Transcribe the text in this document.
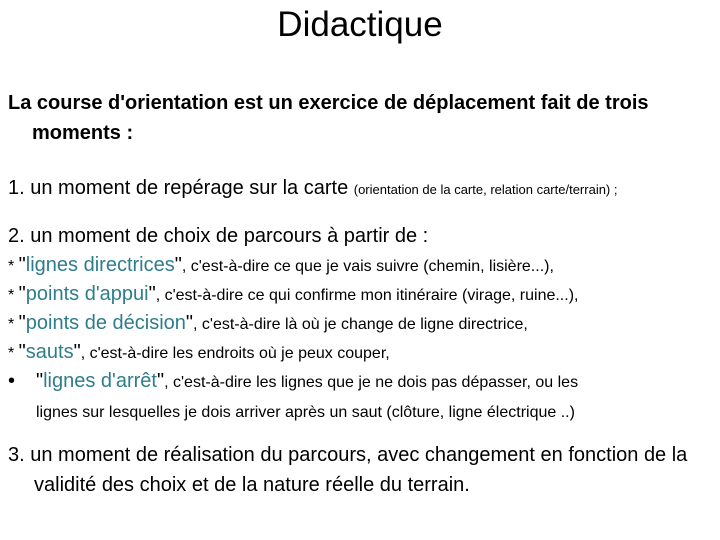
Didactique
La course d'orientation est un exercice de déplacement fait de trois moments :
1. un moment de repérage sur la carte (orientation de la carte, relation carte/terrain) ;
2. un moment de choix de parcours à partir de :
* "lignes directrices", c'est-à-dire ce que je vais suivre (chemin, lisière...),
* "points d'appui", c'est-à-dire ce qui confirme mon itinéraire (virage, ruine...),
* "points de décision", c'est-à-dire là où je change de ligne directrice,
* "sauts", c'est-à-dire les endroits où je peux couper,
• "lignes d'arrêt", c'est-à-dire les lignes que je ne dois pas dépasser, ou les
lignes sur lesquelles je dois arriver après un saut (clôture, ligne électrique ..)
3. un moment de réalisation du parcours, avec changement en fonction de la validité des choix et de la nature réelle du terrain.
